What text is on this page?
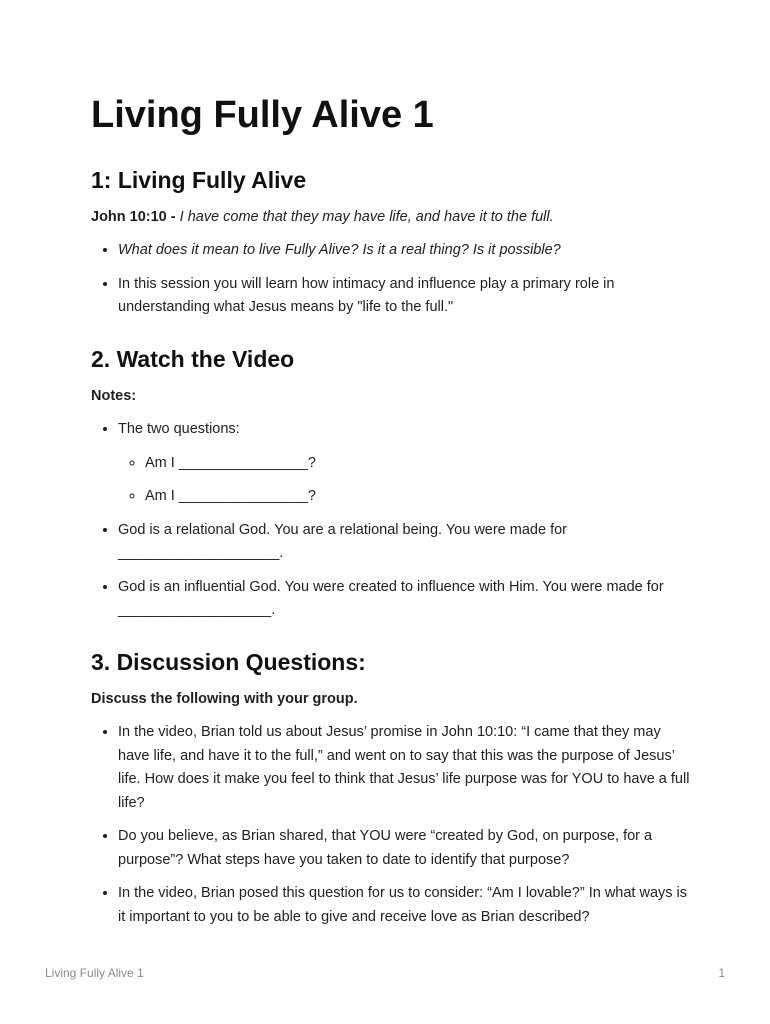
Living Fully Alive 1
1: Living Fully Alive

John 10:10 - I have come that they may have life, and have it to the full.

• What does it mean to live Fully Alive? Is it a real thing? Is it possible?
• In this session you will learn how intimacy and influence play a primary role in understanding what Jesus means by "life to the full."
2. Watch the Video

Notes:

• The two questions:
◦ Am I ________________?
◦ Am I ________________?
• God is a relational God. You are a relational being. You were made for ____________________.
• God is an influential God. You were created to influence with Him. You were made for ___________________.
3. Discussion Questions:

Discuss the following with your group.

• In the video, Brian told us about Jesus’ promise in John 10:10: “I came that they may have life, and have it to the full,” and went on to say that this was the purpose of Jesus’ life. How does it make you feel to think that Jesus’ life purpose was for YOU to have a full life?
• Do you believe, as Brian shared, that YOU were “created by God, on purpose, for a purpose”? What steps have you taken to date to identify that purpose?
• In the video, Brian posed this question for us to consider: “Am I lovable?” In what ways is it important to you to be able to give and receive love as Brian described?
Living Fully Alive 1	1
